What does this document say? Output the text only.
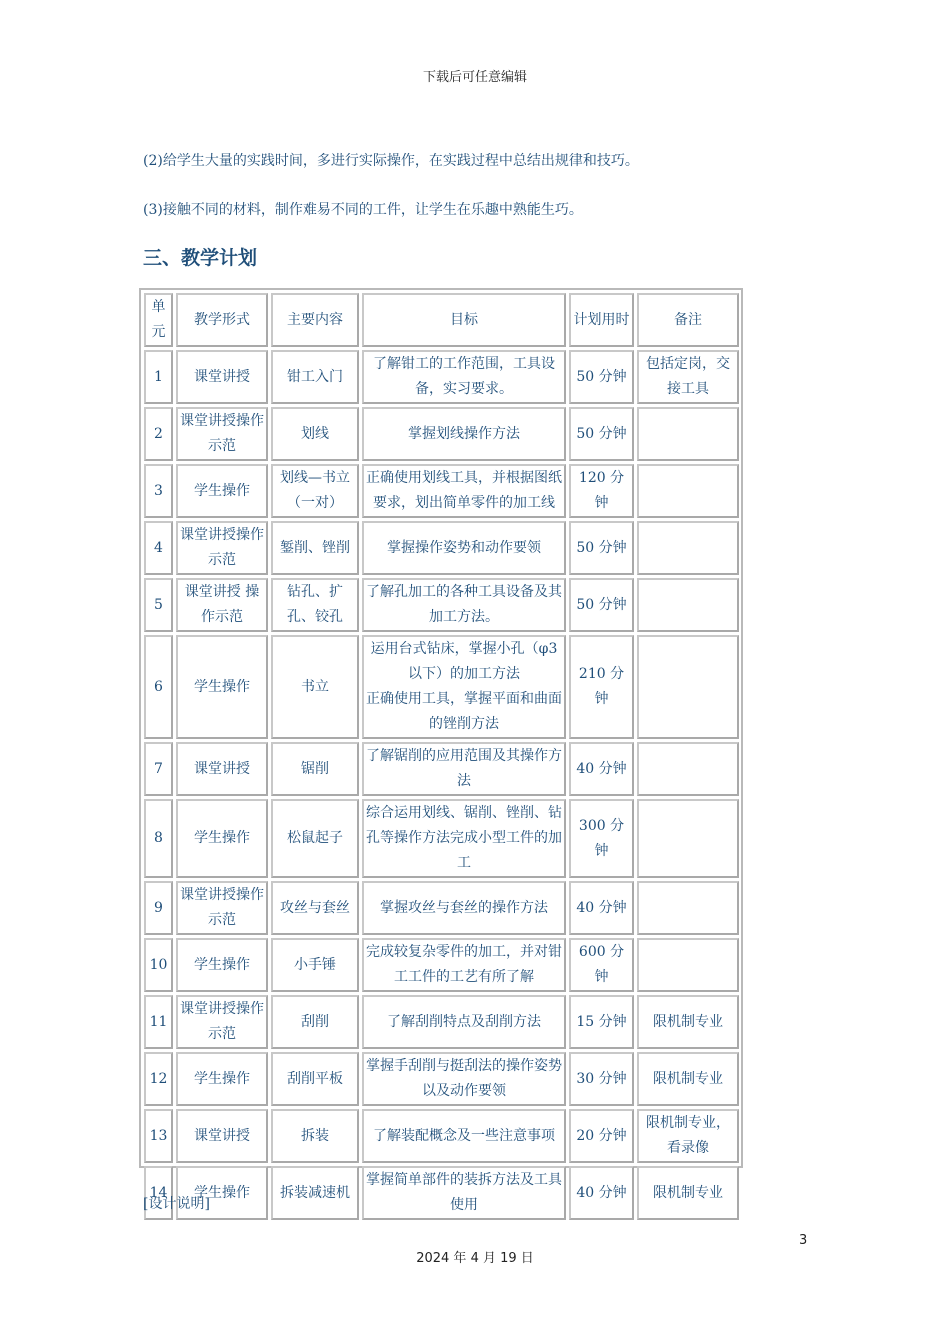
下载后可任意编辑
(2)给学生大量的实践时间，多进行实际操作，在实践过程中总结出规律和技巧。
(3)接触不同的材料，制作难易不同的工件，让学生在乐趣中熟能生巧。
三、教学计划
单元	教学形式	主要内容	目标	计划用时	备注
1	课堂讲授	钳工入门	了解钳工的工作范围，工具设备，实习要求。	50 分钟	包括定岗，交接工具
2	课堂讲授操作示范	划线	掌握划线操作方法	50 分钟	
3	学生操作	划线—书立（一对）	正确使用划线工具，并根据图纸要求，划出简单零件的加工线	120 分钟	
4	课堂讲授操作示范	錾削、锉削	掌握操作姿势和动作要领	50 分钟	
5	课堂讲授 操作示范	钻孔、扩孔、铰孔	了解孔加工的各种工具设备及其加工方法。	50 分钟	
6	学生操作	书立	运用台式钻床，掌握小孔（φ3以下）的加工方法
正确使用工具，掌握平面和曲面的锉削方法	210 分钟	
7	课堂讲授	锯削	了解锯削的应用范围及其操作方法	40 分钟	
8	学生操作	松鼠起子	综合运用划线、锯削、锉削、钻孔等操作方法完成小型工件的加工	300 分钟	
9	课堂讲授操作示范	攻丝与套丝	掌握攻丝与套丝的操作方法	40 分钟	
10	学生操作	小手锤	完成较复杂零件的加工，并对钳工工件的工艺有所了解	600 分钟	
11	课堂讲授操作示范	刮削	了解刮削特点及刮削方法	15 分钟	限机制专业
12	学生操作	刮削平板	掌握手刮削与挺刮法的操作姿势以及动作要领	30 分钟	限机制专业
13	课堂讲授	拆装	了解装配概念及一些注意事项	20 分钟	限机制专业，看录像
14	学生操作	拆装减速机	掌握简单部件的装拆方法及工具使用	40 分钟	限机制专业
[设计说明]
3
2024 年 4 月 19 日
